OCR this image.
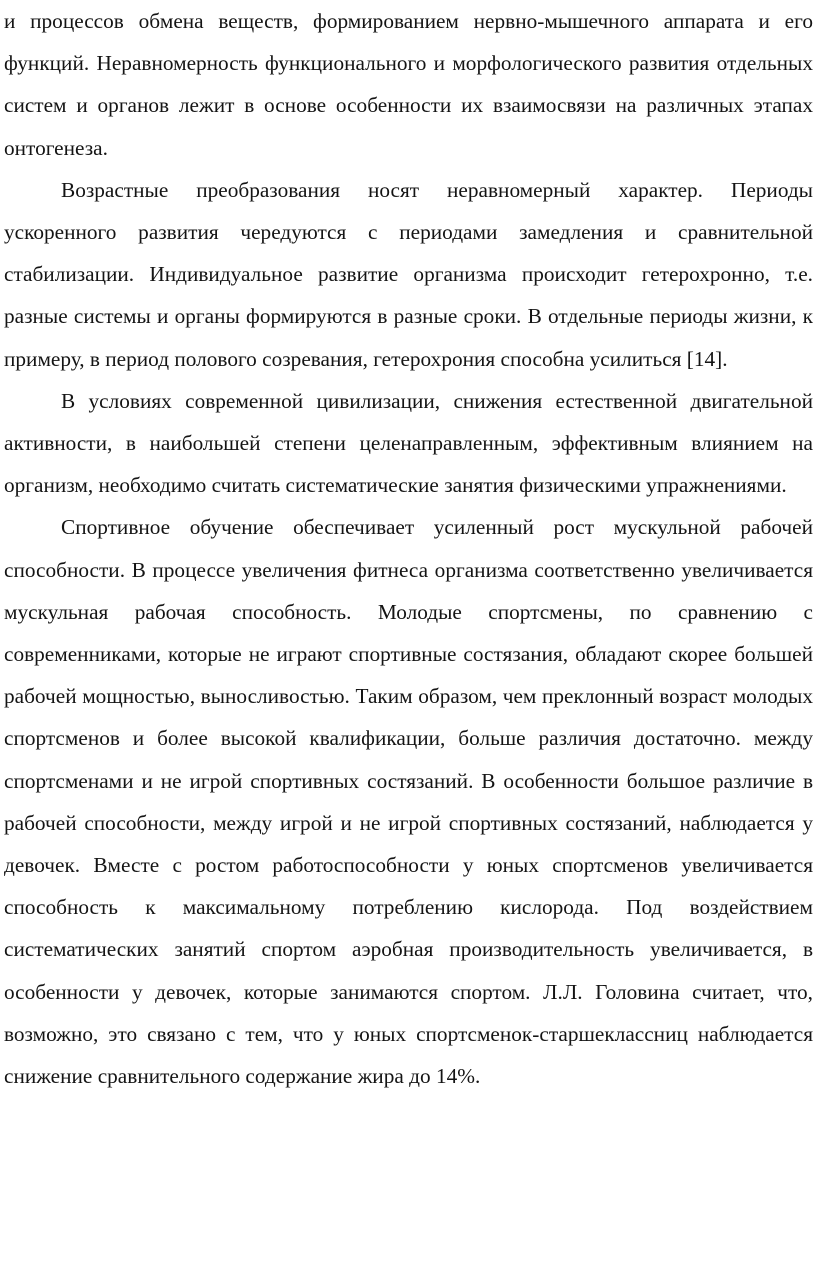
и процессов обмена веществ, формированием нервно-мышечного аппарата и его функций. Неравномерность функционального и морфологического развития отдельных систем и органов лежит в основе особенности их взаимосвязи на различных этапах онтогенеза.

Возрастные преобразования носят неравномерный характер. Периоды ускоренного развития чередуются с периодами замедления и сравнительной стабилизации. Индивидуальное развитие организма происходит гетерохронно, т.е. разные системы и органы формируются в разные сроки. В отдельные периоды жизни, к примеру, в период полового созревания, гетерохрония способна усилиться [14].

В условиях современной цивилизации, снижения естественной двигательной активности, в наибольшей степени целенаправленным, эффективным влиянием на организм, необходимо считать систематические занятия физическими упражнениями.

Спортивное обучение обеспечивает усиленный рост мускульной рабочей способности. В процессе увеличения фитнеса организма соответственно увеличивается мускульная рабочая способность. Молодые спортсмены, по сравнению с современниками, которые не играют спортивные состязания, обладают скорее большей рабочей мощностью, выносливостью. Таким образом, чем преклонный возраст молодых спортсменов и более высокой квалификации, больше различия достаточно. между спортсменами и не игрой спортивных состязаний. В особенности большое различие в рабочей способности, между игрой и не игрой спортивных состязаний, наблюдается у девочек. Вместе с ростом работоспособности у юных спортсменов увеличивается способность к максимальному потреблению кислорода. Под воздействием систематических занятий спортом аэробная производительность увеличивается, в особенности у девочек, которые занимаются спортом. Л.Л. Головина считает, что, возможно, это связано с тем, что у юных спортсменок-старшеклассниц наблюдается снижение сравнительного содержание жира до 14%.
